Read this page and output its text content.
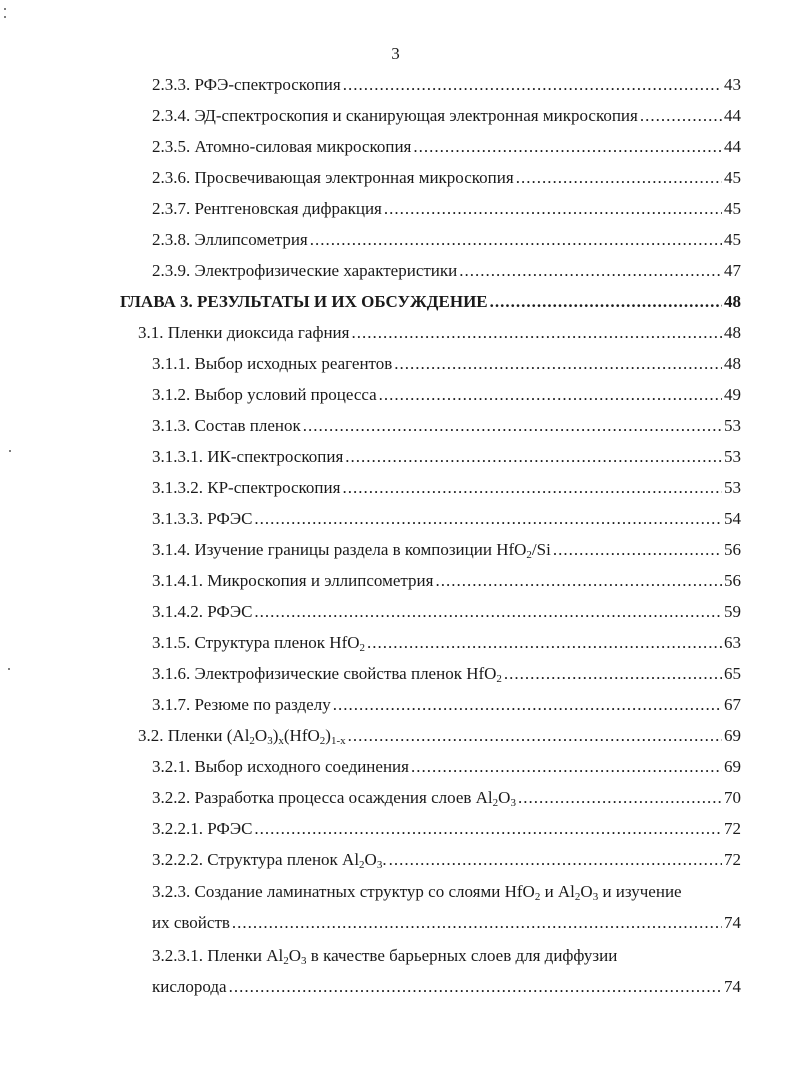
3
2.3.3. РФЭ-спектроскопия .....	43
2.3.4. ЭД-спектроскопия и сканирующая электронная микроскопия .....	44
2.3.5. Атомно-силовая микроскопия .....	44
2.3.6. Просвечивающая электронная микроскопия .....	45
2.3.7. Рентгеновская дифракция .....	45
2.3.8. Эллипсометрия .....	45
2.3.9. Электрофизические характеристики .....	47
ГЛАВА 3. РЕЗУЛЬТАТЫ И ИХ ОБСУЖДЕНИЕ .....	48
3.1. Пленки диоксида гафния .....	48
3.1.1. Выбор исходных реагентов .....	48
3.1.2. Выбор условий процесса .....	49
3.1.3. Состав пленок .....	53
3.1.3.1. ИК-спектроскопия .....	53
3.1.3.2. КР-спектроскопия .....	53
3.1.3.3. РФЭС .....	54
3.1.4. Изучение границы раздела в композиции HfO$_2$/Si .....	56
3.1.4.1. Микроскопия и эллипсометрия .....	56
3.1.4.2. РФЭС .....	59
3.1.5. Структура пленок HfO$_2$ .....	63
3.1.6. Электрофизические свойства пленок HfO$_2$ .....	65
3.1.7. Резюме по разделу .....	67
3.2. Пленки $(Al_2O_3)_x(HfO_2)_{1-x}$ .....	69
3.2.1. Выбор исходного соединения .....	69
3.2.2. Разработка процесса осаждения слоев $Al_2O_3$ .....	70
3.2.2.1. РФЭС .....	72
3.2.2.2. Структура пленок $Al_2O_3$. .....	72
3.2.3. Создание ламинатных структур со слоями HfO$_2$ и $Al_2O_3$ и изучение
их свойств .....	74
3.2.3.1. Пленки $Al_2O_3$ в качестве барьерных слоев для диффузии
кислорода .....	74
